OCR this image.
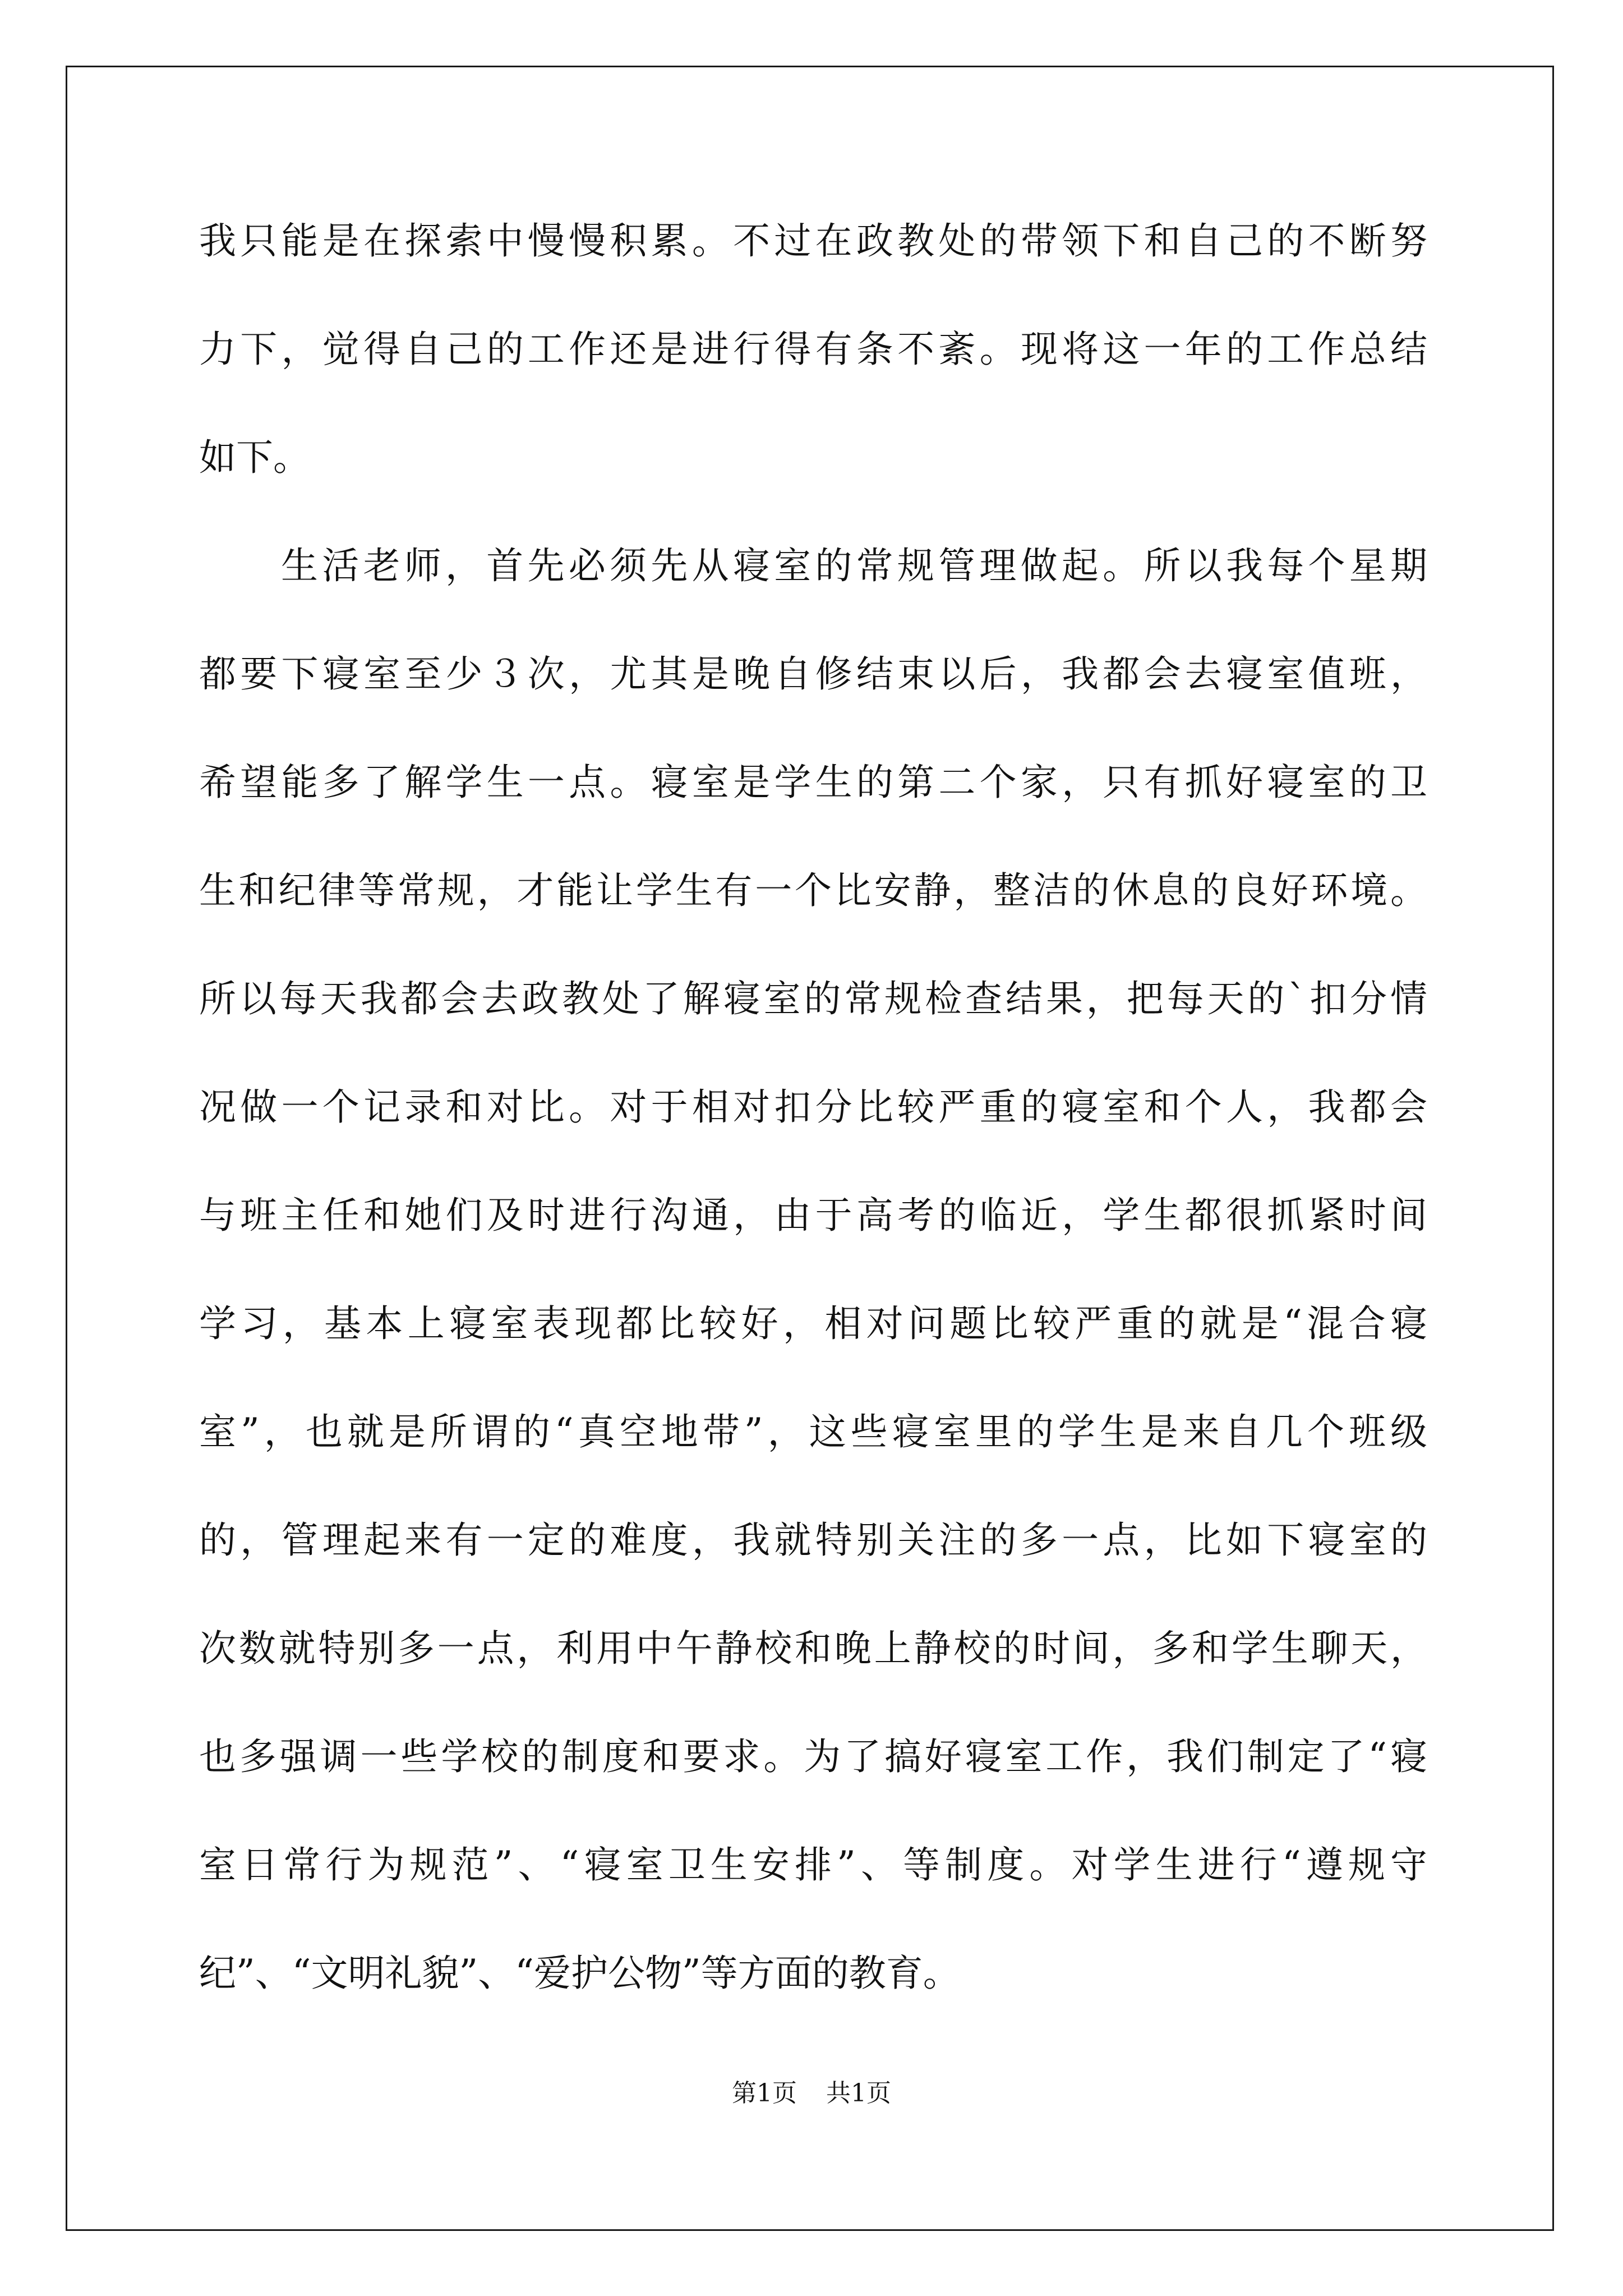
我只能是在探索中慢慢积累。不过在政教处的带领下和自己的不断努
力下，觉得自己的工作还是进行得有条不紊。现将这一年的工作总结
如下。
生活老师，首先必须先从寝室的常规管理做起。所以我每个星期
都要下寝室至少３次，尤其是晚自修结束以后，我都会去寝室值班，
希望能多了解学生一点。寝室是学生的第二个家，只有抓好寝室的卫
生和纪律等常规，才能让学生有一个比安静，整洁的休息的良好环境。
所以每天我都会去政教处了解寝室的常规检查结果，把每天的`扣分情
况做一个记录和对比。对于相对扣分比较严重的寝室和个人，我都会
与班主任和她们及时进行沟通，由于高考的临近，学生都很抓紧时间
学习，基本上寝室表现都比较好，相对问题比较严重的就是“混合寝
室”，也就是所谓的“真空地带”，这些寝室里的学生是来自几个班级
的，管理起来有一定的难度，我就特别关注的多一点，比如下寝室的
次数就特别多一点，利用中午静校和晚上静校的时间，多和学生聊天，
也多强调一些学校的制度和要求。为了搞好寝室工作，我们制定了“寝
室日常行为规范”、“寝室卫生安排”、等制度。对学生进行“遵规守
纪”、“文明礼貌”、“爱护公物”等方面的教育。
第1页 共1页
